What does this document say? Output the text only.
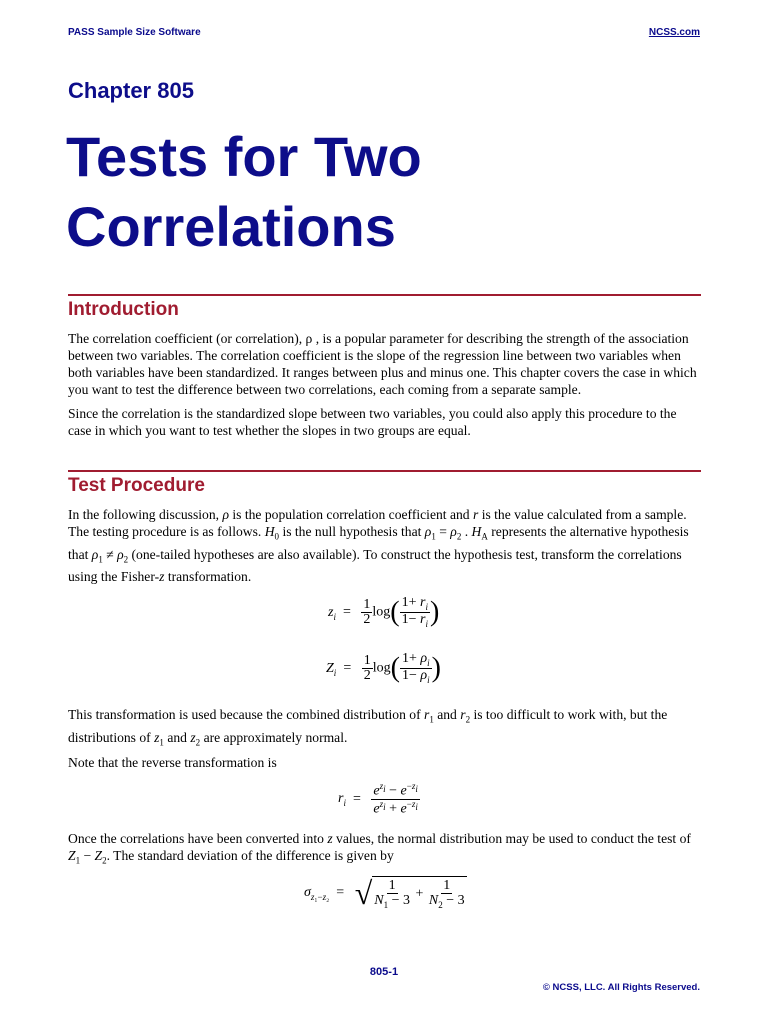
PASS Sample Size Software	NCSS.com
Chapter 805
Tests for Two Correlations
Introduction
The correlation coefficient (or correlation), ρ , is a popular parameter for describing the strength of the association between two variables. The correlation coefficient is the slope of the regression line between two variables when both variables have been standardized. It ranges between plus and minus one. This chapter covers the case in which you want to test the difference between two correlations, each coming from a separate sample.
Since the correlation is the standardized slope between two variables, you could also apply this procedure to the case in which you want to test whether the slopes in two groups are equal.
Test Procedure
In the following discussion, ρ is the population correlation coefficient and r is the value calculated from a sample. The testing procedure is as follows. $H_0$ is the null hypothesis that $\rho_1 = \rho_2$ . $H_A$ represents the alternative hypothesis that $\rho_1 \ne \rho_2$ (one-tailed hypotheses are also available). To construct the hypothesis test, transform the correlations using the Fisher-z transformation.
$z_i = \frac{1}{2} \log( \frac{1+ r_i}{1- r_i}$ )
$Z_i = \frac{1}{2} \log( \frac{1+ \rho_i}{1- \rho_i}$ )
This transformation is used because the combined distribution of $r_1$ and $r_2$ is too difficult to work with, but the distributions of $z_1$ and $z_2$ are approximately normal.
Note that the reverse transformation is
$r_i = \frac{e^{z_i} - e^{-z_i}}{e^{z_i} + e^{-z_i}}$
Once the correlations have been converted into z values, the normal distribution may be used to conduct the test of $Z_1 - Z_2$. The standard deviation of the difference is given by
$\sigma_{z_1-z_2}$  =   √ $\frac{1}{N_1 - 3} + \frac{1}{N_2 - 3}$
805-1
© NCSS, LLC. All Rights Reserved.
